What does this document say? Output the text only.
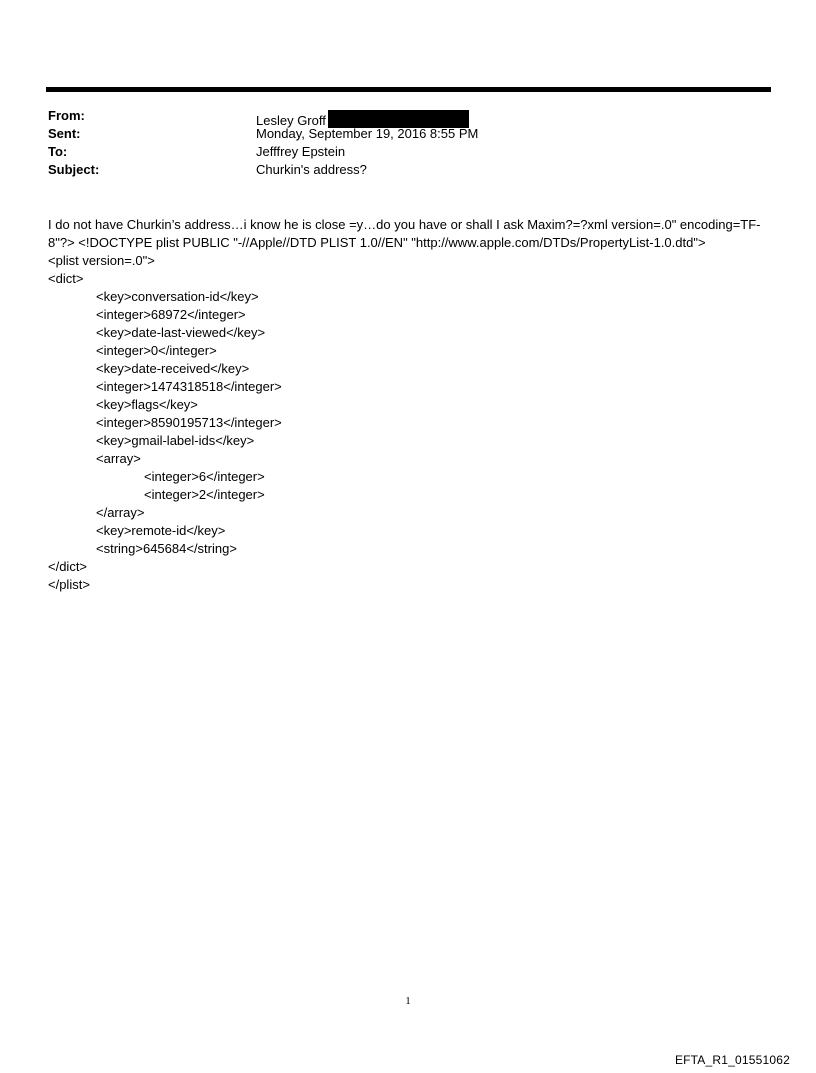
From:	Lesley Groff
Sent:	Monday, September 19, 2016 8:55 PM
To:	Jefffrey Epstein
Subject:	Churkin's address?
I do not have Churkin’s address…i know he is close =y…do you have or shall I ask Maxim?=?xml version=.0" encoding=TF-
8"?> <!DOCTYPE plist PUBLIC "-//Apple//DTD PLIST 1.0//EN" "http://www.apple.com/DTDs/PropertyList-1.0.dtd">
<plist version=.0">
<dict>
<key>conversation-id</key>
<integer>68972</integer>
<key>date-last-viewed</key>
<integer>0</integer>
<key>date-received</key>
<integer>1474318518</integer>
<key>flags</key>
<integer>8590195713</integer>
<key>gmail-label-ids</key>
<array>
<integer>6</integer>
<integer>2</integer>
</array>
<key>remote-id</key>
<string>645684</string>
</dict>
</plist>
1
EFTA_R1_01551062
